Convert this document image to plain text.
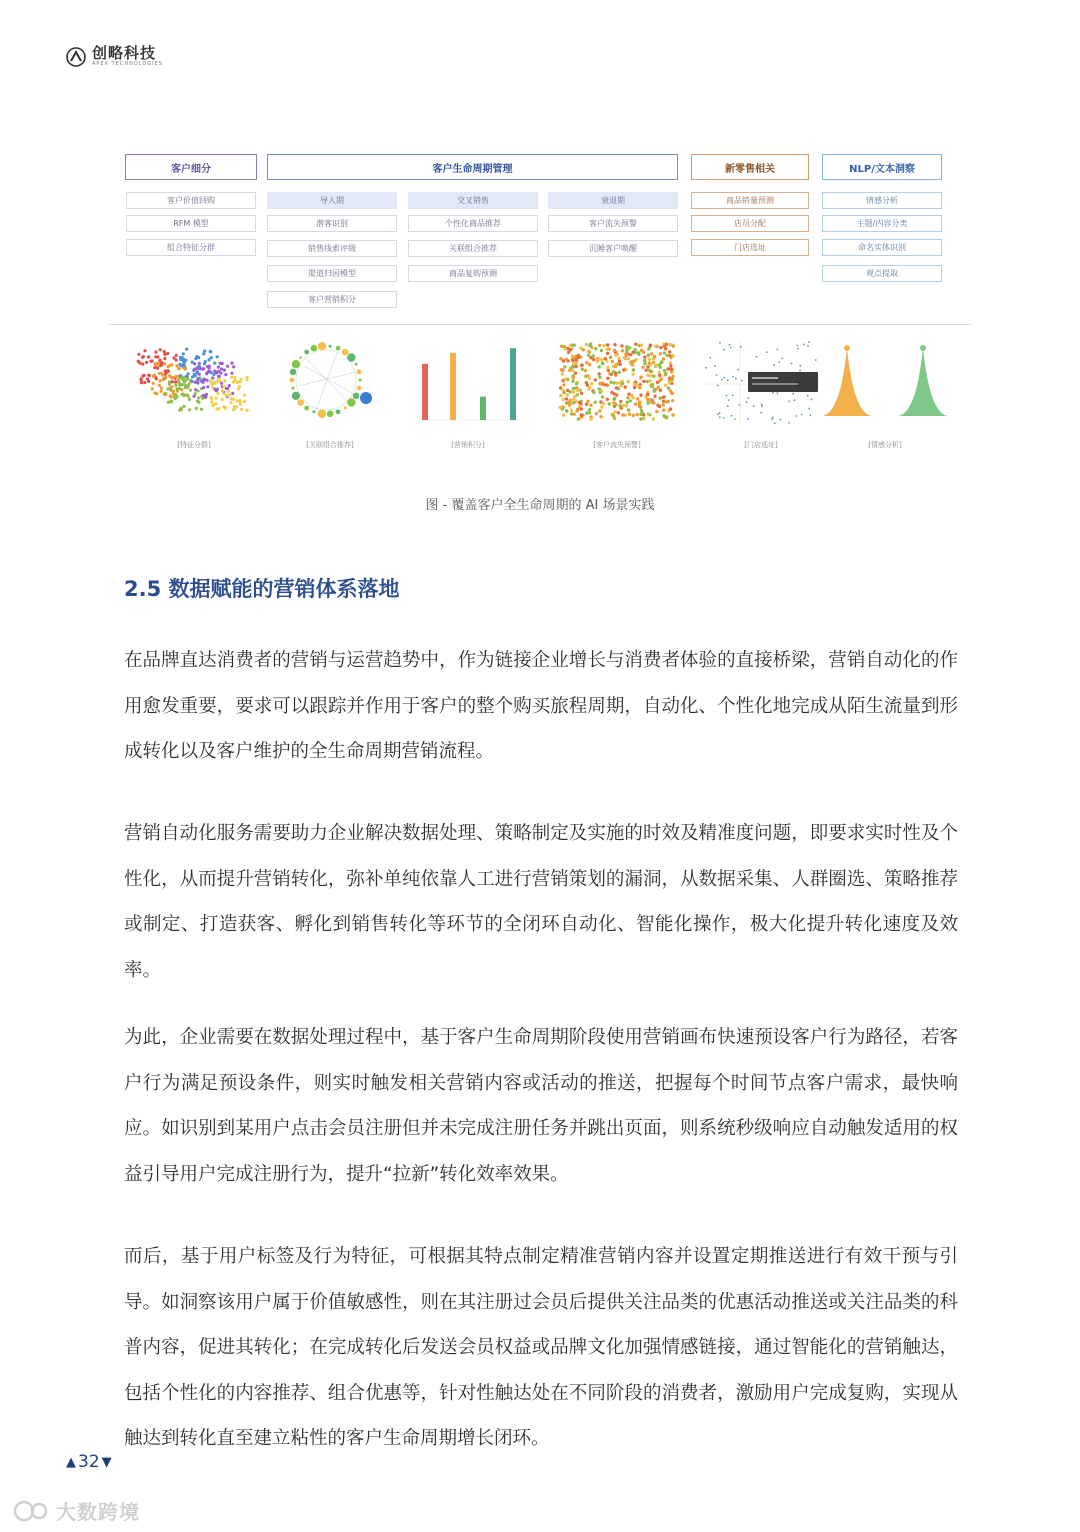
创略科技
APEX TECHNOLOGIES
客户细分	客户生命周期管理	新零售相关	NLP/文本洞察
客户价值回购
RFM 模型
组合特征分群
导入期
潜客识别
销售线索评级
渠道归因模型
客户营销积分
交叉销售
个性化商品推荐
关联组合推荐
商品复购预测
衰退期
客户流失预警
沉睡客户唤醒
商品销量预测
店员分配
门店选址
情感分析
主题/内容分类
命名实体识别
观点提取
[特征分群]	[关联组合推荐]	[营销积分]	[客户流失预警]	[门店选址]	[情感分析]
图 - 覆盖客户全生命周期的 AI 场景实践
2.5 数据赋能的营销体系落地
在品牌直达消费者的营销与运营趋势中，作为链接企业增长与消费者体验的直接桥梁，营销自动化的作用愈发重要，要求可以跟踪并作用于客户的整个购买旅程周期，自动化、个性化地完成从陌生流量到形成转化以及客户维护的全生命周期营销流程。
营销自动化服务需要助力企业解决数据处理、策略制定及实施的时效及精准度问题，即要求实时性及个性化，从而提升营销转化，弥补单纯依靠人工进行营销策划的漏洞，从数据采集、人群圈选、策略推荐或制定、打造获客、孵化到销售转化等环节的全闭环自动化、智能化操作，极大化提升转化速度及效率。
为此，企业需要在数据处理过程中，基于客户生命周期阶段使用营销画布快速预设客户行为路径，若客户行为满足预设条件，则实时触发相关营销内容或活动的推送，把握每个时间节点客户需求，最快响应。如识别到某用户点击会员注册但并未完成注册任务并跳出页面，则系统秒级响应自动触发适用的权益引导用户完成注册行为，提升“拉新”转化效率效果。
而后，基于用户标签及行为特征，可根据其特点制定精准营销内容并设置定期推送进行有效干预与引导。如洞察该用户属于价值敏感性，则在其注册过会员后提供关注品类的优惠活动推送或关注品类的科普内容，促进其转化；在完成转化后发送会员权益或品牌文化加强情感链接，通过智能化的营销触达，包括个性化的内容推荐、组合优惠等，针对性触达处在不同阶段的消费者，激励用户完成复购，实现从触达到转化直至建立粘性的客户生命周期增长闭环。
▲ 32 ▼
大数跨境
